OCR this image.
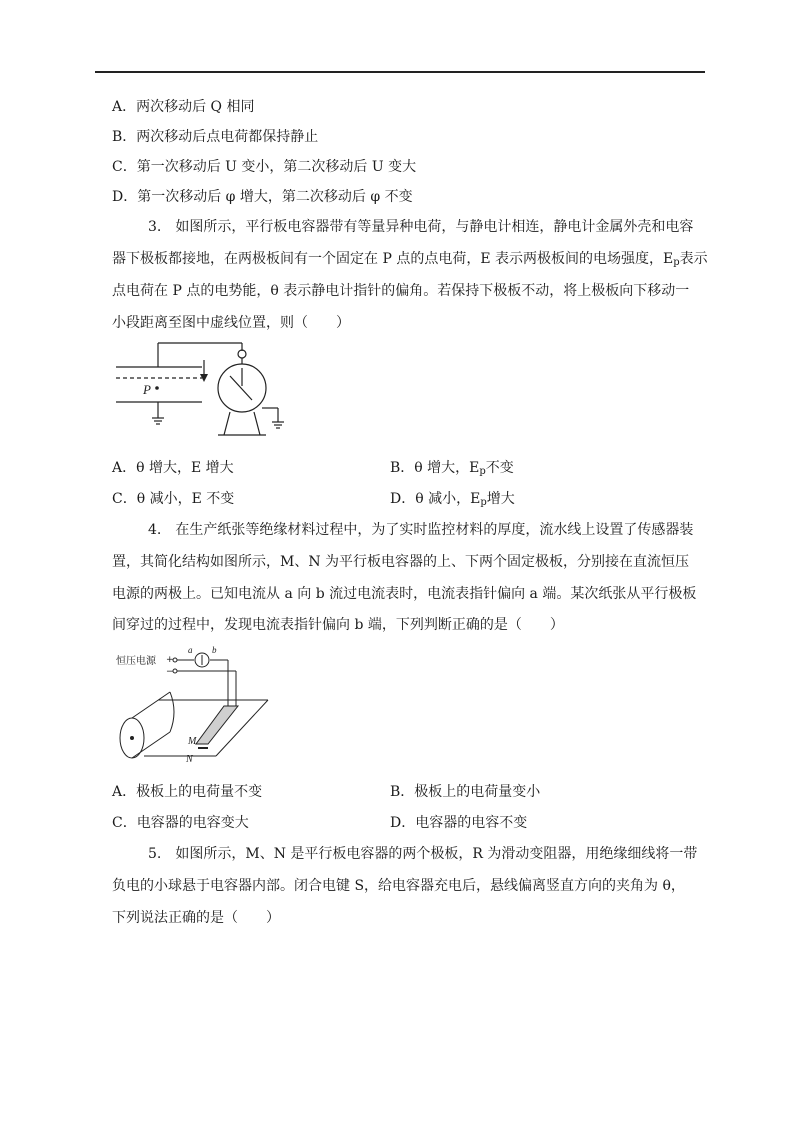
A．两次移动后 Q 相同
B．两次移动后点电荷都保持静止
C．第一次移动后 U 变小，第二次移动后 U 变大
D．第一次移动后 φ 增大，第二次移动后 φ 不变
3.　如图所示，平行板电容器带有等量异种电荷，与静电计相连，静电计金属外壳和电容
器下极板都接地，在两极板间有一个固定在 P 点的点电荷，E 表示两极板间的电场强度，$E_p$表示
点电荷在 P 点的电势能，θ 表示静电计指针的偏角。若保持下极板不动，将上极板向下移动一
小段距离至图中虚线位置，则（　　）
P
A．θ 增大，E 增大	B．θ 增大，$E_p$不变
C．θ 减小，E 不变	D．θ 减小，$E_p$增大
4.　在生产纸张等绝缘材料过程中，为了实时监控材料的厚度，流水线上设置了传感器装
置，其简化结构如图所示，M、N 为平行板电容器的上、下两个固定极板，分别接在直流恒压
电源的两极上。已知电流从 a 向 b 流过电流表时，电流表指针偏向 a 端。某次纸张从平行极板
间穿过的过程中，发现电流表指针偏向 b 端，下列判断正确的是（　　）
恒压电源 +
−
a b
M
N
A．极板上的电荷量不变	B．极板上的电荷量变小
C．电容器的电容变大	D．电容器的电容不变
5.　如图所示，M、N 是平行板电容器的两个极板，R 为滑动变阻器，用绝缘细线将一带
负电的小球悬于电容器内部。闭合电键 S，给电容器充电后，悬线偏离竖直方向的夹角为 θ，
下列说法正确的是（　　）
